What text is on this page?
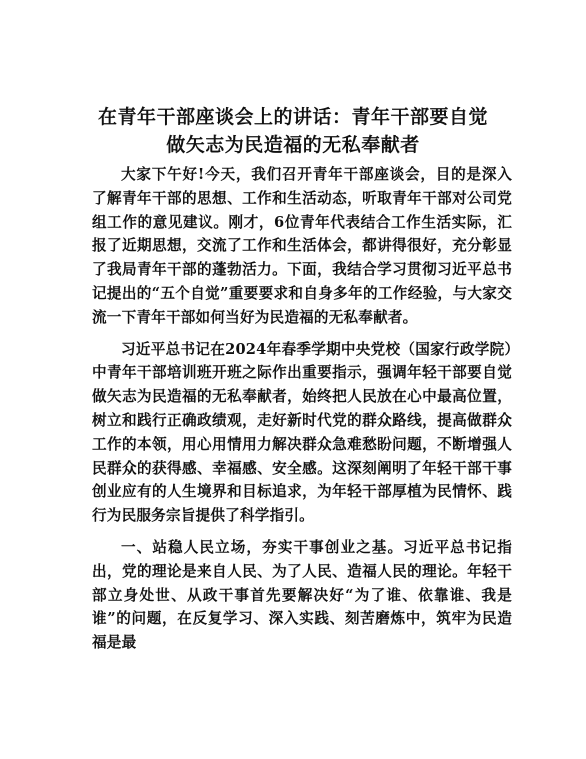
在青年干部座谈会上的讲话：青年干部要自觉
做矢志为民造福的无私奉献者

大家下午好!今天，我们召开青年干部座谈会，目的是深入了解青年干部的思想、工作和生活动态，听取青年干部对公司党组工作的意见建议。刚才，6位青年代表结合工作生活实际，汇报了近期思想，交流了工作和生活体会，都讲得很好，充分彰显了我局青年干部的蓬勃活力。下面，我结合学习贯彻习近平总书记提出的“五个自觉”重要要求和自身多年的工作经验，与大家交流一下青年干部如何当好为民造福的无私奉献者。

习近平总书记在2024年春季学期中央党校（国家行政学院）中青年干部培训班开班之际作出重要指示，强调年轻干部要自觉做矢志为民造福的无私奉献者，始终把人民放在心中最高位置，树立和践行正确政绩观，走好新时代党的群众路线，提高做群众工作的本领，用心用情用力解决群众急难愁盼问题，不断增强人民群众的获得感、幸福感、安全感。这深刻阐明了年轻干部干事创业应有的人生境界和目标追求，为年轻干部厚植为民情怀、践行为民服务宗旨提供了科学指引。

一、站稳人民立场，夯实干事创业之基。习近平总书记指出，党的理论是来自人民、为了人民、造福人民的理论。年轻干部立身处世、从政干事首先要解决好“为了谁、依靠谁、我是谁”的问题，在反复学习、深入实践、刻苦磨炼中，筑牢为民造福是最
